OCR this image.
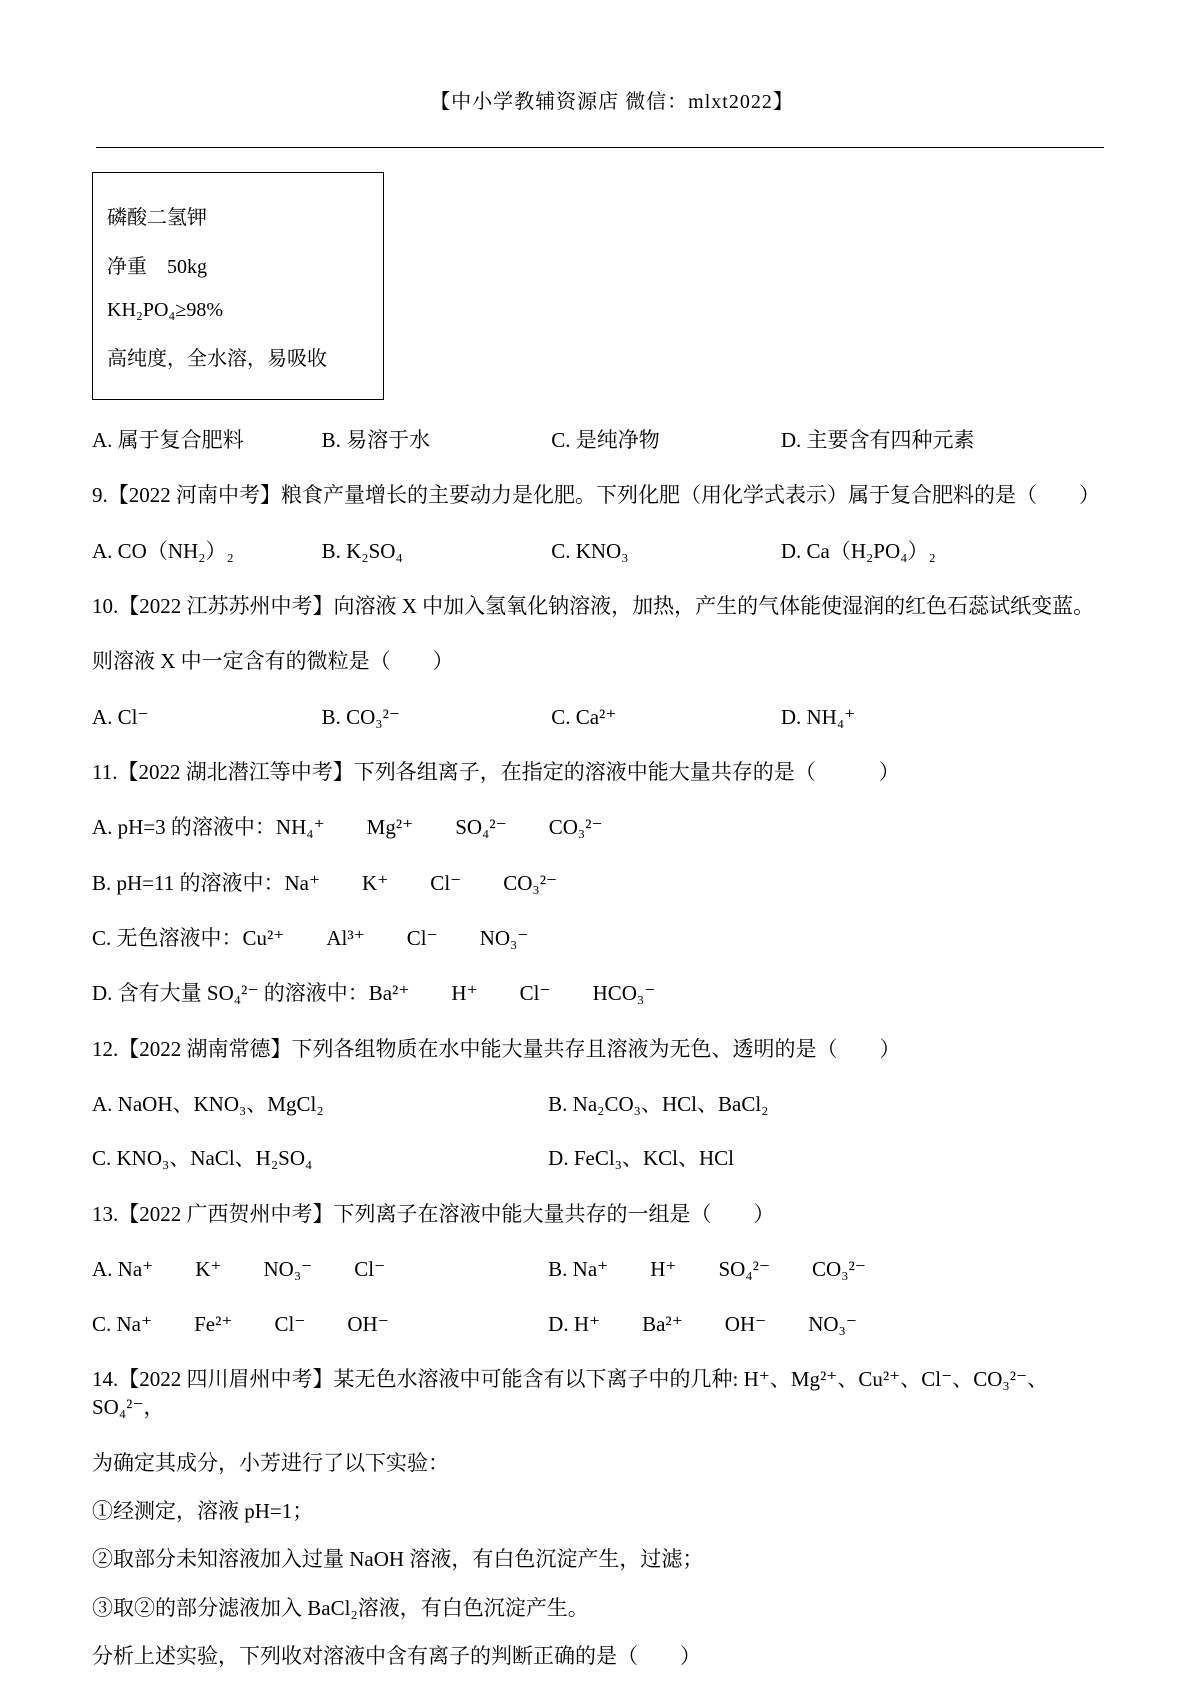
【中小学教辅资源店 微信：mlxt2022】

磷酸二氢钾
净重　50kg
KH₂PO₄≥98%
高纯度，全水溶，易吸收
A. 属于复合肥料	B. 易溶于水	C. 是纯净物	D. 主要含有四种元素
9.【2022 河南中考】粮食产量增长的主要动力是化肥。下列化肥（用化学式表示）属于复合肥料的是（　　）
A. CO（NH₂）₂	B. K₂SO₄	C. KNO₃	D. Ca（H₂PO₄）₂
10.【2022 江苏苏州中考】向溶液 X 中加入氢氧化钠溶液，加热，产生的气体能使湿润的红色石蕊试纸变蓝。
则溶液 X 中一定含有的微粒是（　　）
A. Cl⁻	B. CO₃²⁻	C. Ca²⁺	D. NH₄⁺
11.【2022 湖北潜江等中考】下列各组离子，在指定的溶液中能大量共存的是（　　　）
A. pH=3 的溶液中：NH₄⁺　　Mg²⁺　　SO₄²⁻　　CO₃²⁻
B. pH=11 的溶液中：Na⁺　　K⁺　　Cl⁻　　CO₃²⁻
C. 无色溶液中：Cu²⁺　　Al³⁺　　Cl⁻　　NO₃⁻
D. 含有大量 SO₄²⁻ 的溶液中：Ba²⁺　　H⁺　　Cl⁻　　HCO₃⁻
12.【2022 湖南常德】下列各组物质在水中能大量共存且溶液为无色、透明的是（　　）
A. NaOH、KNO₃、MgCl₂	B. Na₂CO₃、HCl、BaCl₂
C. KNO₃、NaCl、H₂SO₄	D. FeCl₃、KCl、HCl
13.【2022 广西贺州中考】下列离子在溶液中能大量共存的一组是（　　）
A. Na⁺　　K⁺　　NO₃⁻　　Cl⁻	B. Na⁺　　H⁺　　SO₄²⁻　　CO₃²⁻
C. Na⁺　　Fe²⁺　　Cl⁻　　OH⁻	D. H⁺　　Ba²⁺　　OH⁻　　NO₃⁻
14.【2022 四川眉州中考】某无色水溶液中可能含有以下离子中的几种: H⁺、Mg²⁺、Cu²⁺、Cl⁻、CO₃²⁻、SO₄²⁻，
为确定其成分，小芳进行了以下实验：
①经测定，溶液 pH=1；
②取部分未知溶液加入过量 NaOH 溶液，有白色沉淀产生，过滤；
③取②的部分滤液加入 BaCl₂溶液，有白色沉淀产生。
分析上述实验，下列收对溶液中含有离子的判断正确的是（　　）
